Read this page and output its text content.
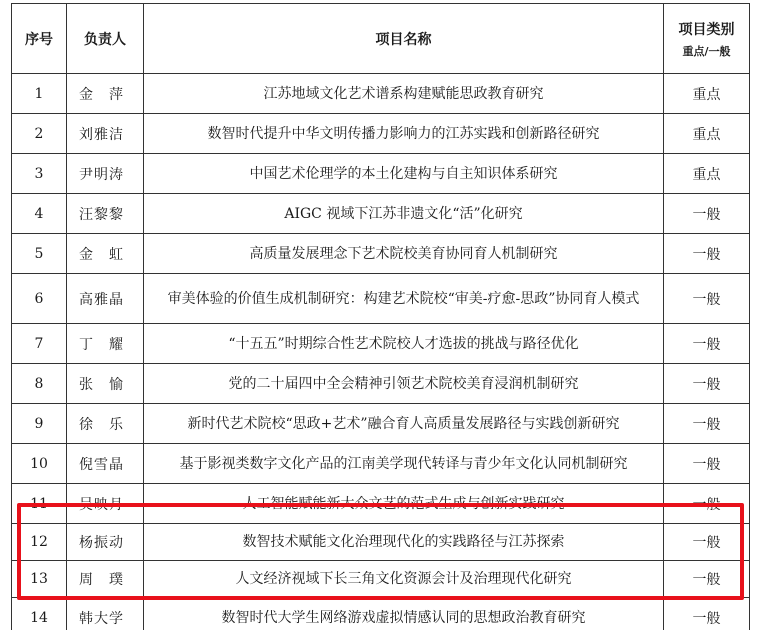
序号	负责人	项目名称	项目类别
重点/一般

1	金　萍	江苏地域文化艺术谱系构建赋能思政教育研究	重点
2	刘雅洁	数智时代提升中华文明传播力影响力的江苏实践和创新路径研究	重点
3	尹明涛	中国艺术伦理学的本土化建构与自主知识体系研究	重点
4	汪黎黎	AIGC 视域下江苏非遗文化“活”化研究	一般
5	金　虹	高质量发展理念下艺术院校美育协同育人机制研究	一般
6	高雅晶	审美体验的价值生成机制研究：构建艺术院校“审美-疗愈-思政”协同育人模式	一般
7	丁　耀	“十五五”时期综合性艺术院校人才选拔的挑战与路径优化	一般
8	张　愉	党的二十届四中全会精神引领艺术院校美育浸润机制研究	一般
9	徐　乐	新时代艺术院校“思政+艺术”融合育人高质量发展路径与实践创新研究	一般
10	倪雪晶	基于影视类数字文化产品的江南美学现代转译与青少年文化认同机制研究	一般
11	吴映月	人工智能赋能新大众文艺的范式生成与创新实践研究	一般
12	杨振动	数智技术赋能文化治理现代化的实践路径与江苏探索	一般
13	周　璞	人文经济视域下长三角文化资源会计及治理现代化研究	一般
14	韩大学	数智时代大学生网络游戏虚拟情感认同的思想政治教育研究	一般
